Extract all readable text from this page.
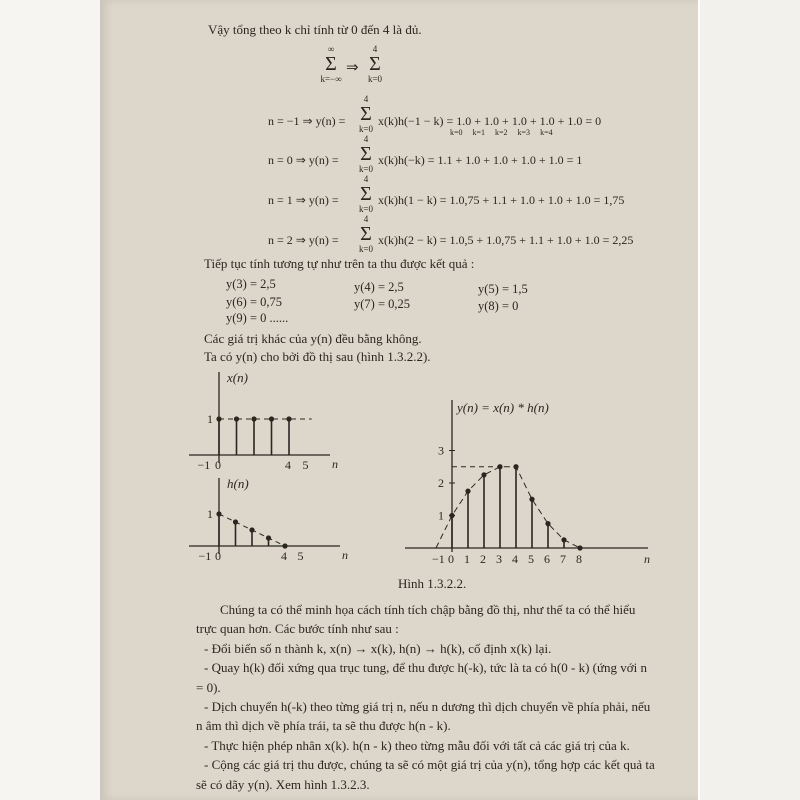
Vậy tổng theo k chỉ tính từ 0 đến 4 là đủ.
∞
Σ
k=−∞
⇒
4
Σ
k=0
n = −1 ⇒ y(n) =
4
Σ
k=0
x(k)h(−1 − k) = 1.0 + 1.0 + 1.0 + 1.0 + 1.0 = 0
k=0 k=1 k=2 k=3 k=4
n = 0 ⇒ y(n) =
4
Σ
k=0
x(k)h(−k) = 1.1 + 1.0 + 1.0 + 1.0 + 1.0 = 1
n = 1 ⇒ y(n) =
4
Σ
k=0
x(k)h(1 − k) = 1.0,75 + 1.1 + 1.0 + 1.0 + 1.0 = 1,75
n = 2 ⇒ y(n) =
4
Σ
k=0
x(k)h(2 − k) = 1.0,5 + 1.0,75 + 1.1 + 1.0 + 1.0 = 2,25
Tiếp tục tính tương tự như trên ta thu được kết quả :
y(3) = 2,5	y(4) = 2,5	y(5) = 1,5
y(6) = 0,75	y(7) = 0,25	y(8) = 0
y(9) = 0 ......
Các giá trị khác của y(n) đều bằng không.
Ta có y(n) cho bởi đồ thị sau (hình 1.3.2.2).
x(n)
n
1
−1 0	4 5
h(n)
n
1
−1 0	4 5
y(n) = x(n) * h(n)
n
1
2
3
−1 0 1 2 3 4 5 6 7 8
Hình 1.3.2.2.

Chúng ta có thể minh họa cách tính tích chập bằng đồ thị, như thế ta có thể hiểu trực quan hơn. Các bước tính như sau :

- Đổi biến số n thành k, x(n) → x(k), h(n) → h(k), cố định x(k) lại.

- Quay h(k) đối xứng qua trục tung, để thu được h(-k), tức là ta có h(0 - k) (ứng với n = 0).

- Dịch chuyển h(-k) theo từng giá trị n, nếu n dương thì dịch chuyển về phía phải, nếu n âm thì dịch về phía trái, ta sẽ thu được h(n - k).

- Thực hiện phép nhân x(k). h(n - k) theo từng mẫu đối với tất cả các giá trị của k.

- Cộng các giá trị thu được, chúng ta sẽ có một giá trị của y(n), tổng hợp các kết quả ta sẽ có dãy y(n). Xem hình 1.3.2.3.
